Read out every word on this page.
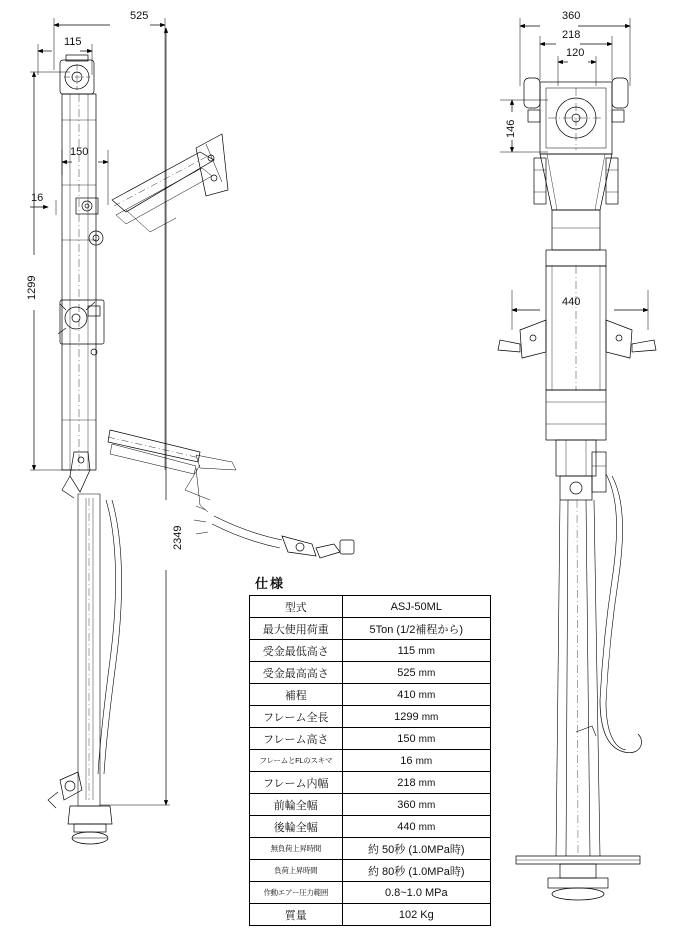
525
115
150
16
1299
2349
360
218
120
146
440
仕様
型式	ASJ-50ML
最大使用荷重	5Ton (1/2補程から)
受金最低高さ	115 mm
受金最高高さ	525 mm
補程	410 mm
フレーム全長	1299 mm
フレーム高さ	150 mm
フレームとFLのスキマ	16 mm
フレーム内幅	218 mm
前輪全幅	360 mm
後輪全幅	440 mm
無負荷上昇時間	約 50秒 (1.0MPa時)
負荷上昇時間	約 80秒 (1.0MPa時)
作動エアー圧力範囲	0.8~1.0 MPa
質量	102 Kg
